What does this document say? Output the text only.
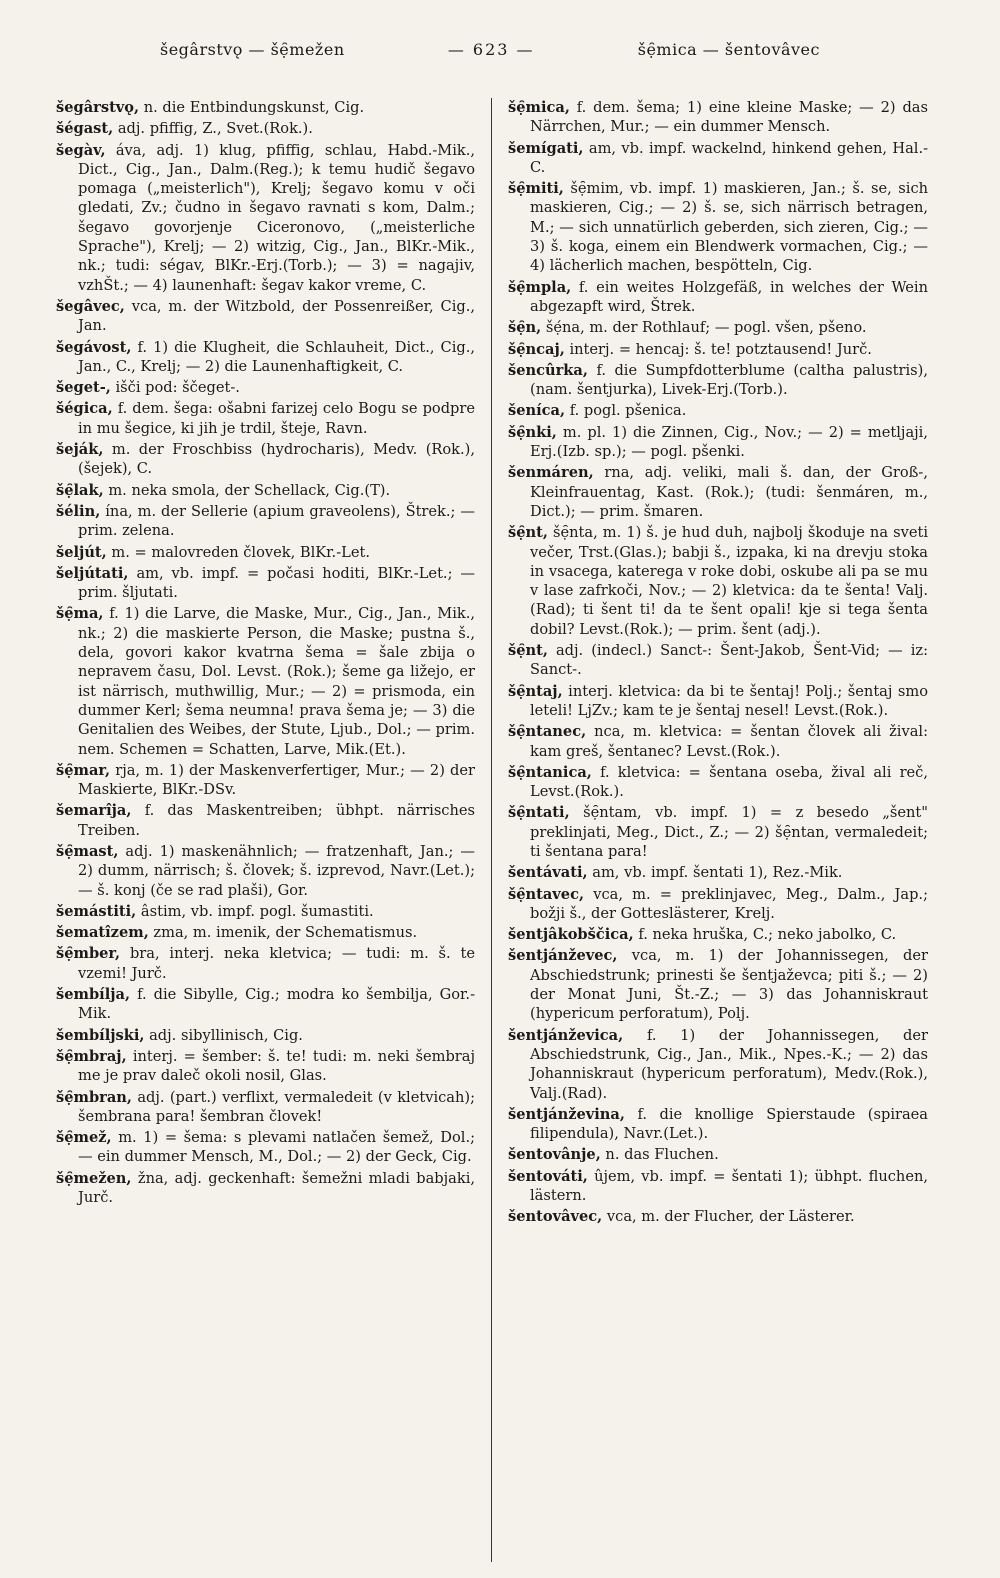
šegârstvǫ — šẹ̑mežen	— 623 —	šẹ̑mica — šentovâvec

šegârstvǫ, n. die Entbindungskunst, Cig.

šégast, adj. pfiffig, Z., Svet.(Rok.).

šegàv, áva, adj. 1) klug, pfiffig, schlau, Habd.-Mik., Dict., Cig., Jan., Dalm.(Reg.); k temu hudič šegavo pomaga („meisterlich"), Krelj; šegavo komu v oči gledati, Zv.; čudno in šegavo ravnati s kom, Dalm.; šegavo govorjenje Ciceronovo, („meisterliche Sprache"), Krelj; — 2) witzig, Cig., Jan., BlKr.-Mik., nk.; tudi: ségav, BlKr.-Erj.(Torb.); — 3) = nagajiv, vzhŠt.; — 4) launenhaft: šegav kakor vreme, C.

šegâvec, vca, m. der Witzbold, der Possenreißer, Cig., Jan.

šegávost, f. 1) die Klugheit, die Schlauheit, Dict., Cig., Jan., C., Krelj; — 2) die Launenhaftigkeit, C.

šeget-, išči pod: ščeget-.

šégica, f. dem. šega: ošabni farizej celo Bogu se podpre in mu šegice, ki jih je trdil, šteje, Ravn.

šeják, m. der Froschbiss (hydrocharis), Medv. (Rok.), (šejek), C.

šẹ̑lak, m. neka smola, der Schellack, Cig.(T).

šélin, ína, m. der Sellerie (apium graveolens), Štrek.; — prim. zelena.

šeljút, m. = malovreden človek, BlKr.-Let.

šeljútati, am, vb. impf. = počasi hoditi, BlKr.-Let.; — prim. šljutati.

šẹ̑ma, f. 1) die Larve, die Maske, Mur., Cig., Jan., Mik., nk.; 2) die maskierte Person, die Maske; pustna š., dela, govori kakor kvatrna šema = šale zbija o nepravem času, Dol. Levst. (Rok.); šeme ga ližejo, er ist närrisch, muthwillig, Mur.; — 2) = prismoda, ein dummer Kerl; šema neumna! prava šema je; — 3) die Genitalien des Weibes, der Stute, Ljub., Dol.; — prim. nem. Schemen = Schatten, Larve, Mik.(Et.).

šẹ̑mar, rja, m. 1) der Maskenverfertiger, Mur.; — 2) der Maskierte, BlKr.-DSv.

šemarîja, f. das Maskentreiben; übhpt. närrisches Treiben.

šẹ̑mast, adj. 1) maskenähnlich; — fratzenhaft, Jan.; — 2) dumm, närrisch; š. človek; š. izprevod, Navr.(Let.); — š. konj (če se rad plaši), Gor.

šemástiti, âstim, vb. impf. pogl. šumastiti.

šematîzem, zma, m. imenik, der Schematismus.

šẹ̑mber, bra, interj. neka kletvica; — tudi: m. š. te vzemi! Jurč.

šembílja, f. die Sibylle, Cig.; modra ko šembilja, Gor.-Mik.

šembíljski, adj. sibyllinisch, Cig.

šẹ̑mbraj, interj. = šember: š. te! tudi: m. neki šembraj me je prav daleč okoli nosil, Glas.

šẹ̑mbran, adj. (part.) verflixt, vermaledeit (v kletvicah); šembrana para! šembran človek!

šẹ̑mež, m. 1) = šema: s plevami natlačen šemež, Dol.; — ein dummer Mensch, M., Dol.; — 2) der Geck, Cig.

šẹ̑mežen, žna, adj. geckenhaft: šemežni mladi babjaki, Jurč.

šẹ̑mica, f. dem. šema; 1) eine kleine Maske; — 2) das Närrchen, Mur.; — ein dummer Mensch.

šemígati, am, vb. impf. wackelnd, hinkend gehen, Hal.-C.

šẹ̑miti, šẹ̑mim, vb. impf. 1) maskieren, Jan.; š. se, sich maskieren, Cig.; — 2) š. se, sich närrisch betragen, M.; — sich unnatürlich geberden, sich zieren, Cig.; — 3) š. koga, einem ein Blendwerk vormachen, Cig.; — 4) lächerlich machen, bespötteln, Cig.

šẹ̑mpla, f. ein weites Holzgefäß, in welches der Wein abgezapft wird, Štrek.

šẹ̑n, šẹ́na, m. der Rothlauf; — pogl. všen, pšeno.

šẹ̑ncaj, interj. = hencaj: š. te! potztausend! Jurč.

šencûrka, f. die Sumpfdotterblume (caltha palustris), (nam. šentjurka), Livek-Erj.(Torb.).

šeníca, f. pogl. pšenica.

šẹ̑nki, m. pl. 1) die Zinnen, Cig., Nov.; — 2) = metljaji, Erj.(Izb. sp.); — pogl. pšenki.

šenmáren, rna, adj. veliki, mali š. dan, der Groß-, Kleinfrauentag, Kast. (Rok.); (tudi: šenmáren, m., Dict.); — prim. šmaren.

šẹ̑nt, šẹ̑nta, m. 1) š. je hud duh, najbolj škoduje na sveti večer, Trst.(Glas.); babji š., izpaka, ki na drevju stoka in vsacega, katerega v roke dobi, oskube ali pa se mu v lase zafrkoči, Nov.; — 2) kletvica: da te šenta! Valj. (Rad); ti šent ti! da te šent opali! kje si tega šenta dobil? Levst.(Rok.); — prim. šent (adj.).

šẹ̑nt, adj. (indecl.) Sanct-: Šent-Jakob, Šent-Vid; — iz: Sanct-.

šẹ̑ntaj, interj. kletvica: da bi te šentaj! Polj.; šentaj smo leteli! LjZv.; kam te je šentaj nesel! Levst.(Rok.).

šẹ̑ntanec, nca, m. kletvica: = šentan človek ali žival: kam greš, šentanec? Levst.(Rok.).

šẹ̑ntanica, f. kletvica: = šentana oseba, žival ali reč, Levst.(Rok.).

šẹ̑ntati, šẹ̑ntam, vb. impf. 1) = z besedo „šent" preklinjati, Meg., Dict., Z.; — 2) šẹ̑ntan, vermaledeit; ti šentana para!

šentávati, am, vb. impf. šentati 1), Rez.-Mik.

šẹ̑ntavec, vca, m. = preklinjavec, Meg., Dalm., Jap.; božji š., der Gotteslästerer, Krelj.

šentjâkobščica, f. neka hruška, C.; neko jabolko, C.

šentjánževec, vca, m. 1) der Johannissegen, der Abschiedstrunk; prinesti še šentjaževca; piti š.; — 2) der Monat Juni, Št.-Z.; — 3) das Johanniskraut (hypericum perforatum), Polj.

šentjánževica, f. 1) der Johannissegen, der Abschiedstrunk, Cig., Jan., Mik., Npes.-K.; — 2) das Johanniskraut (hypericum perforatum), Medv.(Rok.), Valj.(Rad).

šentjánževina, f. die knollige Spierstaude (spiraea filipendula), Navr.(Let.).

šentovânje, n. das Fluchen.

šentováti, ûjem, vb. impf. = šentati 1); übhpt. fluchen, lästern.

šentovâvec, vca, m. der Flucher, der Lästerer.
